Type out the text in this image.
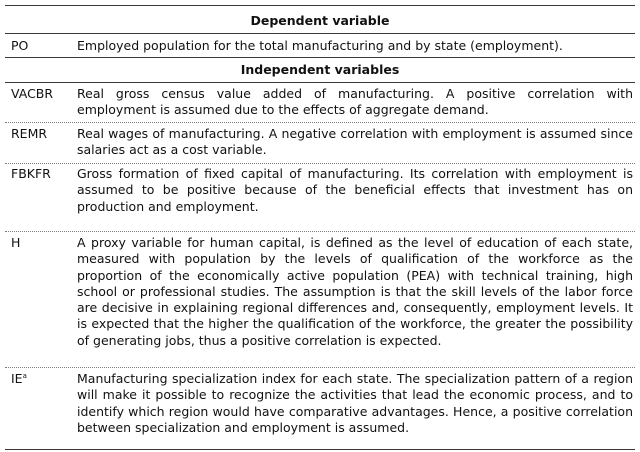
Dependent variable
PO	Employed population for the total manufacturing and by state (employment).
Independent variables
VACBR Real gross census value added of manufacturing. A positive correlation with employment is assumed due to the effects of aggregate demand.
REMR Real wages of manufacturing. A negative correlation with employment is assumed since salaries act as a cost variable.
FBKFR Gross formation of fixed capital of manufacturing. Its correlation with employment is assumed to be positive because of the beneficial effects that investment has on production and employment.
H	A proxy variable for human capital, is defined as the level of education of each state, measured with population by the levels of qualification of the workforce as the proportion of the economically active population (PEA) with technical training, high school or professional studies. The assumption is that the skill levels of the labor force are decisive in explaining regional differences and, consequently, employment levels. It is expected that the higher the qualification of the workforce, the greater the possibility of generating jobs, thus a positive correlation is expected.
$IE^a$	Manufacturing specialization index for each state. The specialization pattern of a region will make it possible to recognize the activities that lead the economic process, and to identify which region would have comparative advantages. Hence, a positive correlation between specialization and employment is assumed.
